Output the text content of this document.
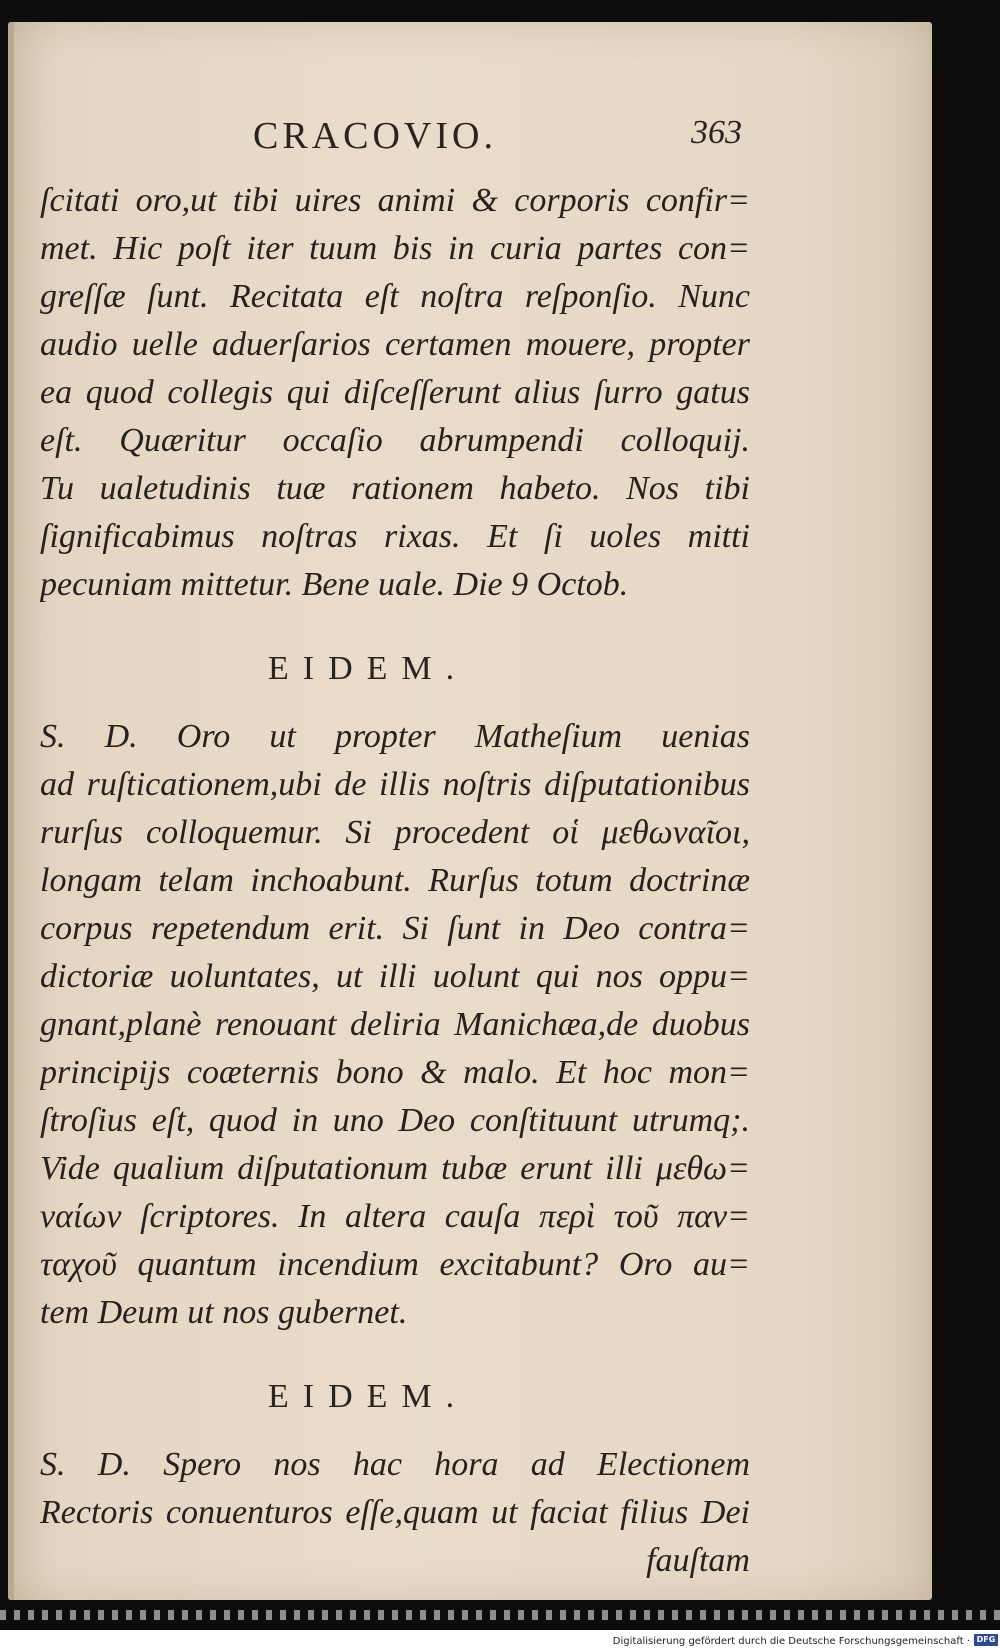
CRACOVIO.	363
ſcitati oro,ut tibi uires animi & corporis confir=
met. Hic poſt iter tuum bis in curia partes con=
greſſæ ſunt. Recitata eſt noſtra reſponſio. Nunc
audio uelle aduerſarios certamen mouere, propter
ea quod collegis qui diſceſſerunt alius ſurro gatus
eſt. Quæritur occaſio abrumpendi colloquij.
Tu ualetudinis tuæ rationem habeto. Nos tibi
ſignificabimus noſtras rixas. Et ſi uoles mitti
pecuniam mittetur. Bene uale. Die 9 Octob.
EIDEM.
S. D. Oro ut propter Matheſium uenias
ad ruſticationem,ubi de illis noſtris diſputationibus
rurſus colloquemur. Si procedent οἱ μεθωναῖοι,
longam telam inchoabunt. Rurſus totum doctrinæ
corpus repetendum erit. Si ſunt in Deo contra=
dictoriæ uoluntates, ut illi uolunt qui nos oppu=
gnant,planè renouant deliria Manichæa,de duobus
principijs coæternis bono & malo. Et hoc mon=
ſtroſius eſt, quod in uno Deo conſtituunt utrumq;.
Vide qualium diſputationum tubæ erunt illi μεθω=
ναίων ſcriptores. In altera cauſa περὶ τοῦ παν=
ταχοῦ quantum incendium excitabunt? Oro au=
tem Deum ut nos gubernet.
EIDEM.
S. D. Spero nos hac hora ad Electionem
Rectoris conuenturos eſſe,quam ut faciat filius Dei
fauſtam
Digitalisierung gefördert durch die Deutsche Forschungsgemeinschaft · DFG
